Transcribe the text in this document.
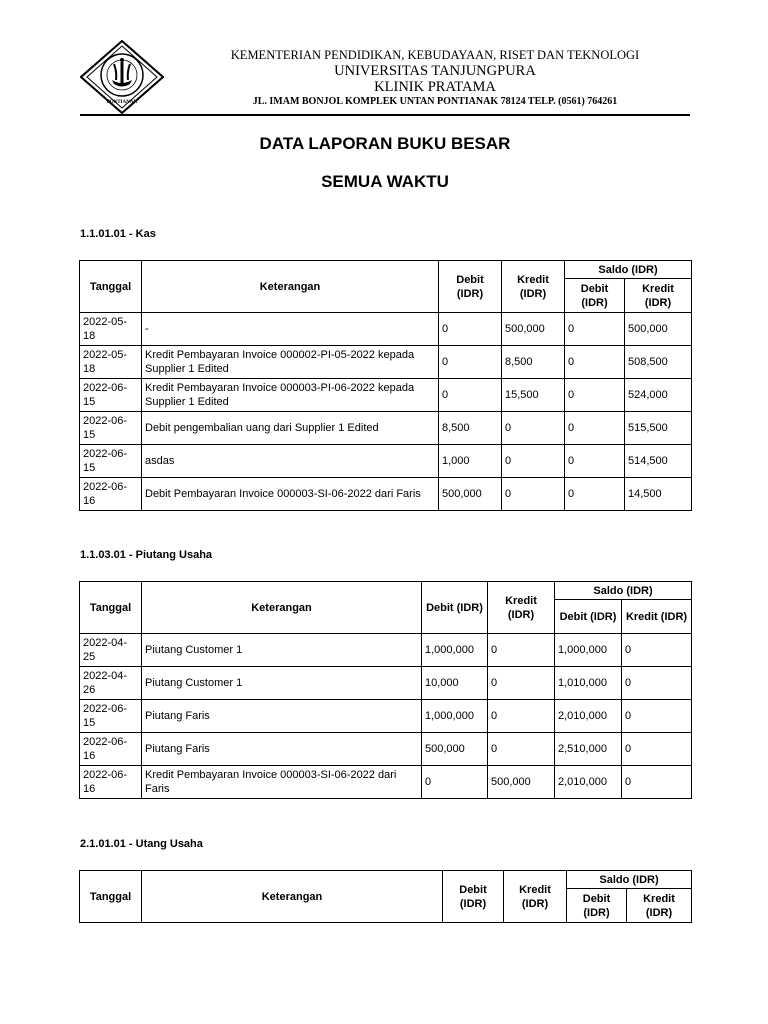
PONTIANAK
KEMENTERIAN PENDIDIKAN, KEBUDAYAAN, RISET DAN TEKNOLOGI
UNIVERSITAS TANJUNGPURA
KLINIK PRATAMA
JL. IMAM BONJOL KOMPLEK UNTAN PONTIANAK 78124 TELP. (0561) 764261
DATA LAPORAN BUKU BESAR
SEMUA WAKTU
1.1.01.01 - Kas
Tanggal	Keterangan	Debit (IDR)	Kredit (IDR)	Saldo (IDR)	
				Debit (IDR)	Kredit (IDR)
2022-05-18	-	0	500,000	0	500,000
2022-05-18	Kredit Pembayaran Invoice 000002-PI-05-2022 kepada Supplier 1 Edited	0	8,500	0	508,500
2022-06-15	Kredit Pembayaran Invoice 000003-PI-06-2022 kepada Supplier 1 Edited	0	15,500	0	524,000
2022-06-15	Debit pengembalian uang dari Supplier 1 Edited	8,500	0	0	515,500
2022-06-15	asdas	1,000	0	0	514,500
2022-06-16	Debit Pembayaran Invoice 000003-SI-06-2022 dari Faris	500,000	0	0	14,500
1.1.03.01 - Piutang Usaha
Tanggal	Keterangan	Debit (IDR)	Kredit (IDR)	Saldo (IDR)	
				Debit (IDR)	Kredit (IDR)
2022-04-25	Piutang Customer 1	1,000,000	0	1,000,000	0
2022-04-26	Piutang Customer 1	10,000	0	1,010,000	0
2022-06-15	Piutang Faris	1,000,000	0	2,010,000	0
2022-06-16	Piutang Faris	500,000	0	2,510,000	0
2022-06-16	Kredit Pembayaran Invoice 000003-SI-06-2022 dari Faris	0	500,000	2,010,000	0
2.1.01.01 - Utang Usaha
Tanggal	Keterangan	Debit (IDR)	Kredit (IDR)	Saldo (IDR)	
				Debit (IDR)	Kredit (IDR)
